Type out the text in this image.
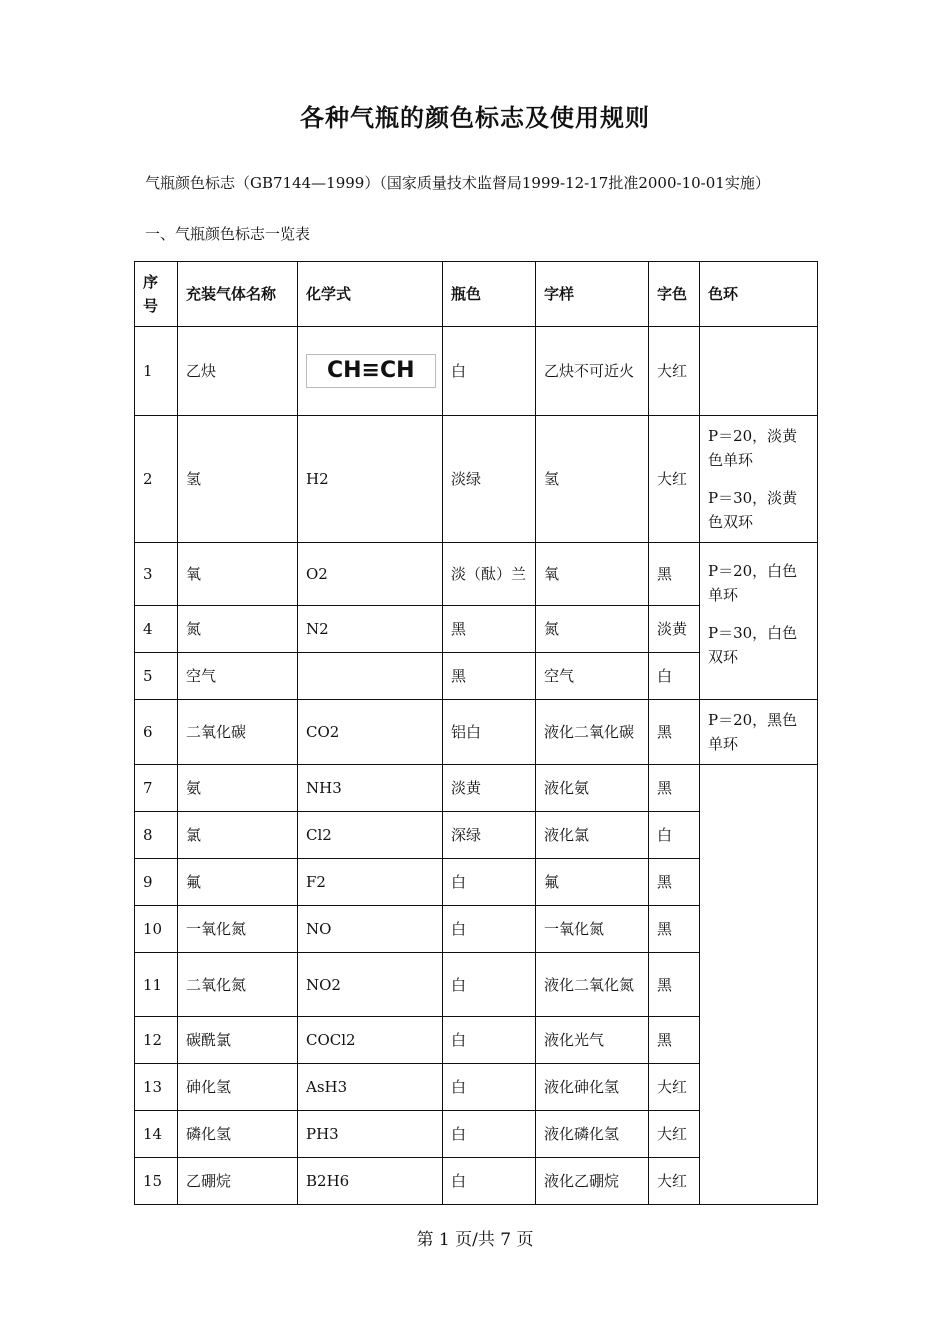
各种气瓶的颜色标志及使用规则
气瓶颜色标志（GB7144—1999）（国家质量技术监督局1999-12-17批准2000-10-01实施）
一、气瓶颜色标志一览表
序号	充装气体名称	化学式	瓶色	字样	字色	色环
1	乙炔	CH≡CH	白	乙炔不可近火	大红	
2	氢	H2	淡绿	氢	大红	P＝20，淡黄色单环
P＝30，淡黄色双环

3	氧	O2	淡（酞）兰	氧	黑	P＝20，白色单环
P＝30，白色双环

4	氮	N2	黑	氮	淡黄	
5	空气		黑	空气	白	
6	二氧化碳	CO2	铝白	液化二氧化碳	黑	P＝20，黑色单环

7	氨	NH3	淡黄	液化氨	黑	
8	氯	Cl2	深绿	液化氯	白	
9	氟	F2	白	氟	黑	
10	一氧化氮	NO	白	一氧化氮	黑	
11	二氧化氮	NO2	白	液化二氧化氮	黑	
12	碳酰氯	COCl2	白	液化光气	黑	
13	砷化氢	AsH3	白	液化砷化氢	大红	
14	磷化氢	PH3	白	液化磷化氢	大红	
15	乙硼烷	B2H6	白	液化乙硼烷	大红	
第 1 页/共 7 页
